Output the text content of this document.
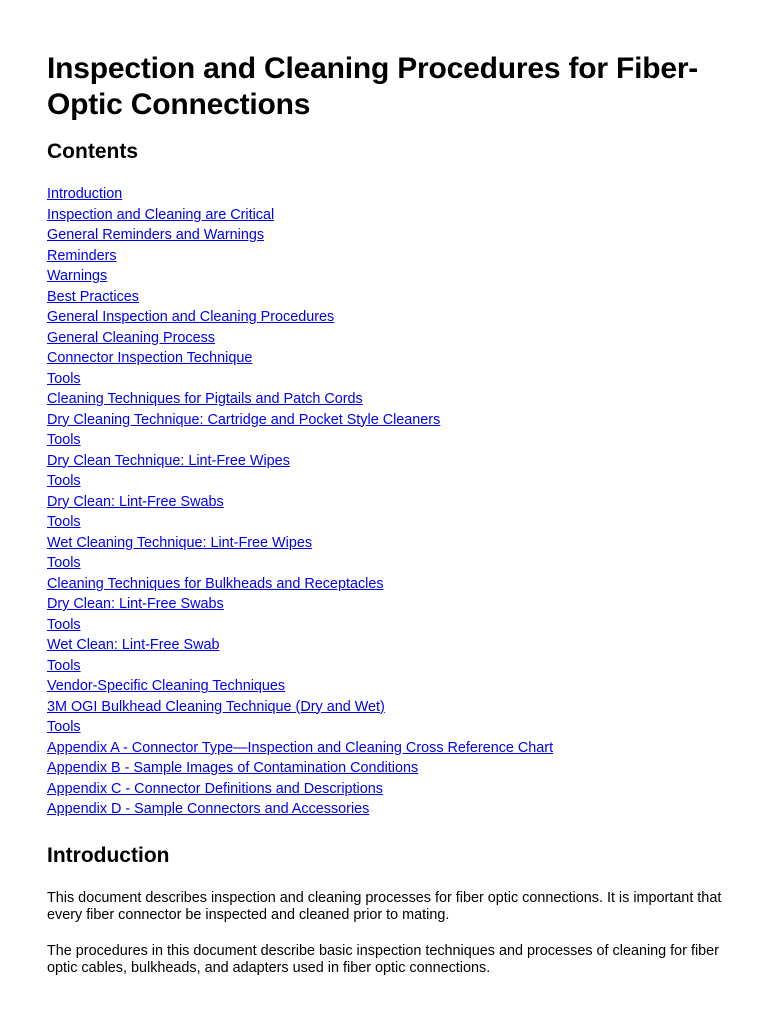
Inspection and Cleaning Procedures for Fiber-Optic Connections
Contents
Introduction
Inspection and Cleaning are Critical
General Reminders and Warnings
Reminders
Warnings
Best Practices
General Inspection and Cleaning Procedures
General Cleaning Process
Connector Inspection Technique
Tools
Cleaning Techniques for Pigtails and Patch Cords
Dry Cleaning Technique: Cartridge and Pocket Style Cleaners
Tools
Dry Clean Technique: Lint-Free Wipes
Tools
Dry Clean: Lint-Free Swabs
Tools
Wet Cleaning Technique: Lint-Free Wipes
Tools
Cleaning Techniques for Bulkheads and Receptacles
Dry Clean: Lint-Free Swabs
Tools
Wet Clean: Lint-Free Swab
Tools
Vendor-Specific Cleaning Techniques
3M OGI Bulkhead Cleaning Technique (Dry and Wet)
Tools
Appendix A - Connector Type—Inspection and Cleaning Cross Reference Chart
Appendix B - Sample Images of Contamination Conditions
Appendix C - Connector Definitions and Descriptions
Appendix D - Sample Connectors and Accessories
Introduction

This document describes inspection and cleaning processes for fiber optic connections. It is important that every fiber connector be inspected and cleaned prior to mating.

The procedures in this document describe basic inspection techniques and processes of cleaning for fiber optic cables, bulkheads, and adapters used in fiber optic connections.
